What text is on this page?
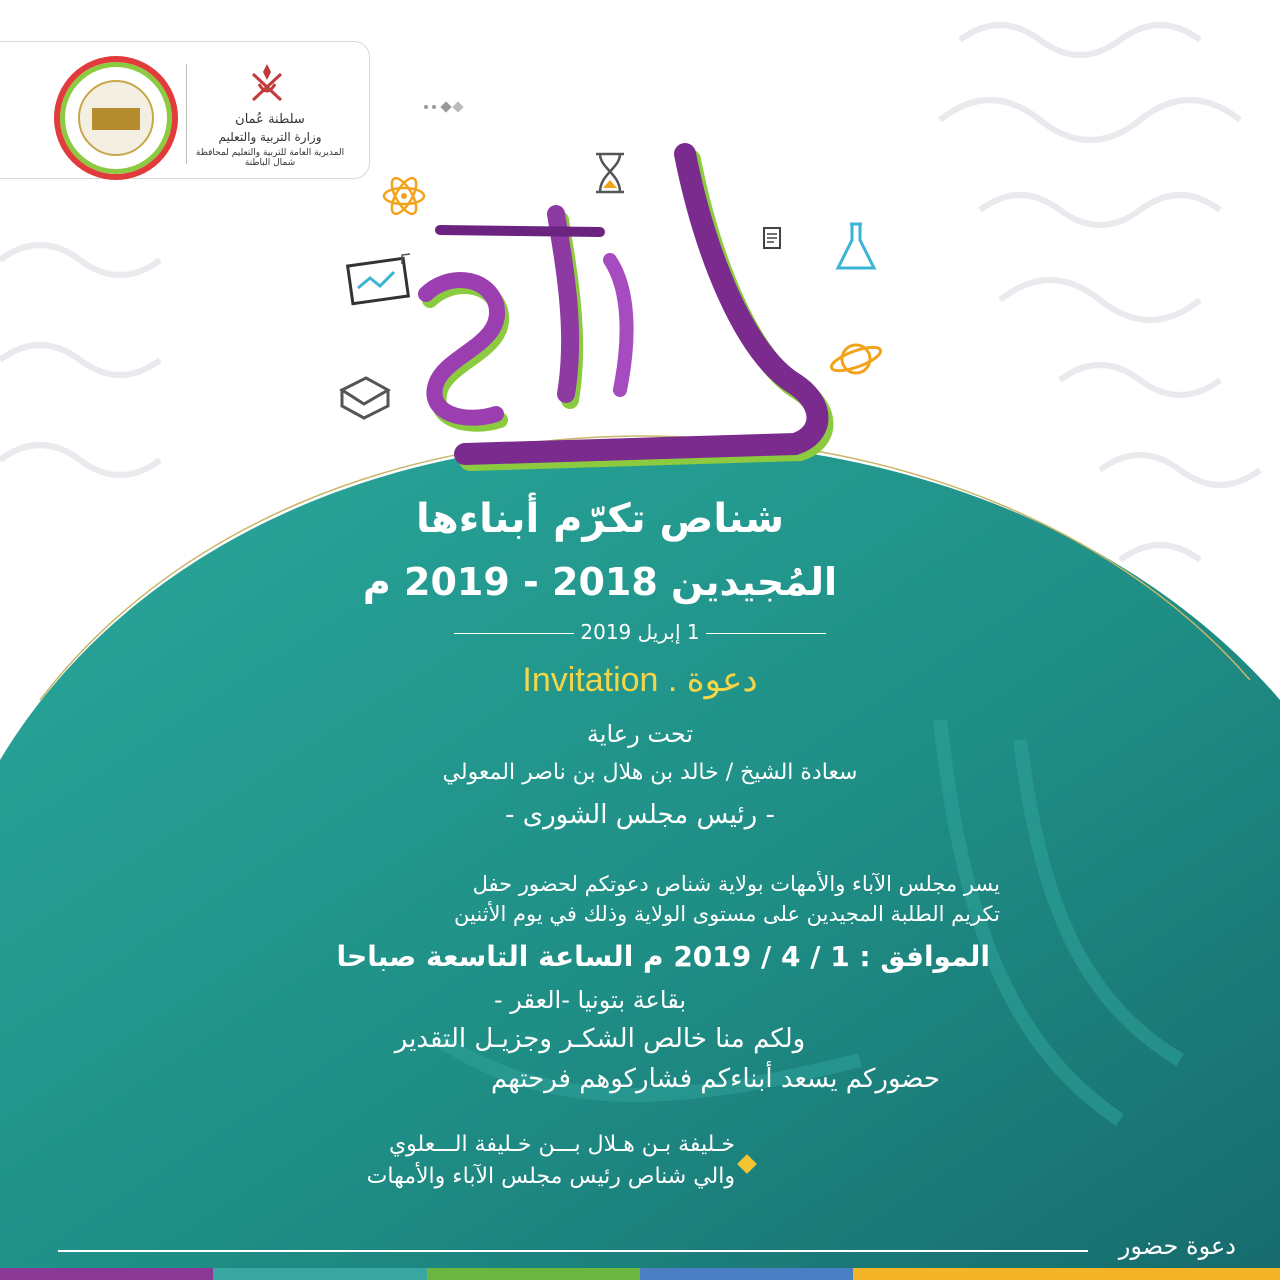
سلطنة عُمان
وزارة التربية والتعليم
المديرية العامة للتربية والتعليم لمحافظة شمال الباطنة
التفوّق
شناص تكرّم أبناءها
المُجيدين 2018 - 2019 م
1 إبريل 2019
دعوة . Invitation
تحت رعاية
سعادة الشيخ / خالد بن هلال بن ناصر المعولي
- رئيس مجلس الشورى -
يسر مجلس الآباء والأمهات بولاية شناص دعوتكم لحضور حفل
تكريم الطلبة المجيدين على مستوى الولاية وذلك في يوم الأثنين
الموافق : 1 / 4 / 2019 م الساعة التاسعة صباحا
بقاعة بتونيا -العقر -
ولكم منا خالص الشكـر وجزيـل التقدير
حضوركم يسعد أبناءكم فشاركوهم فرحتهم
خـليفة بـن هـلال بـــن خـليفة الـــعلوي
والي شناص رئيس مجلس الآباء والأمهات
دعوة حضور
